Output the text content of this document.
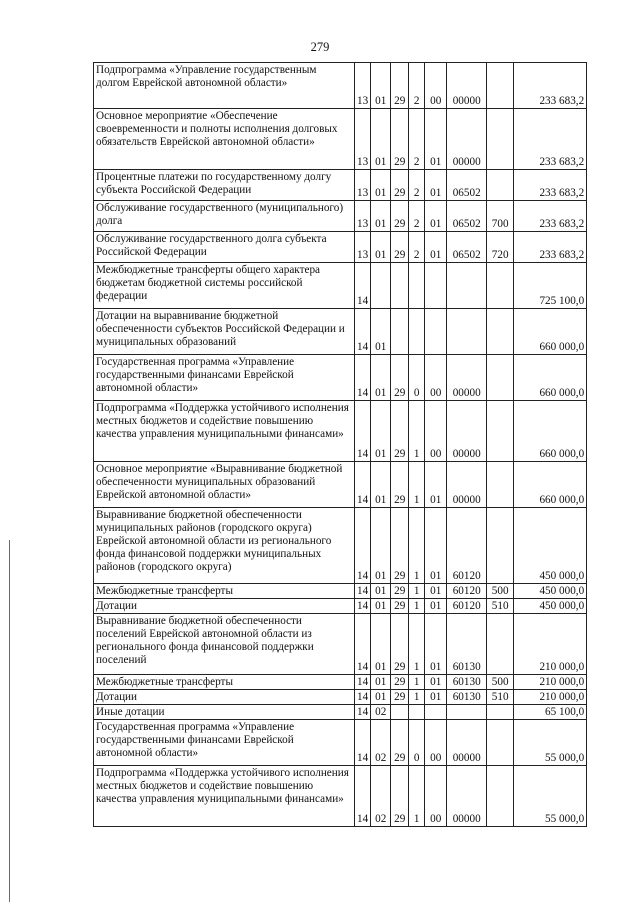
279
Подпрограмма «Управление государственным долгом Еврейской автономной области»	13	01	29	2	00	00000		233 683,2
Основное мероприятие «Обеспечение своевременности и полноты исполнения долговых обязательств Еврейской автономной области»	13	01	29	2	01	00000		233 683,2
Процентные платежи по государственному долгу субъекта Российской Федерации	13	01	29	2	01	06502		233 683,2
Обслуживание государственного (муниципального) долга	13	01	29	2	01	06502	700	233 683,2
Обслуживание государственного долга субъекта Российской Федерации	13	01	29	2	01	06502	720	233 683,2
Межбюджетные трансферты общего характера бюджетам бюджетной системы российской федерации	14							725 100,0
Дотации на выравнивание бюджетной обеспеченности субъектов Российской Федерации и муниципальных образований	14	01						660 000,0
Государственная программа «Управление государственными финансами Еврейской автономной области»	14	01	29	0	00	00000		660 000,0
Подпрограмма «Поддержка устойчивого исполнения местных бюджетов и содействие повышению качества управления муниципальными финансами»	14	01	29	1	00	00000		660 000,0
Основное мероприятие «Выравнивание бюджетной обеспеченности муниципальных образований Еврейской автономной области»	14	01	29	1	01	00000		660 000,0
Выравнивание бюджетной обеспеченности муниципальных районов (городского округа) Еврейской автономной области из регионального фонда финансовой поддержки муниципальных районов (городского округа)	14	01	29	1	01	60120		450 000,0
Межбюджетные трансферты	14	01	29	1	01	60120	500	450 000,0
Дотации	14	01	29	1	01	60120	510	450 000,0
Выравнивание бюджетной обеспеченности поселений Еврейской автономной области из регионального фонда финансовой поддержки поселений	14	01	29	1	01	60130		210 000,0
Межбюджетные трансферты	14	01	29	1	01	60130	500	210 000,0
Дотации	14	01	29	1	01	60130	510	210 000,0
Иные дотации	14	02						65 100,0
Государственная программа «Управление государственными финансами Еврейской автономной области»	14	02	29	0	00	00000		55 000,0
Подпрограмма «Поддержка устойчивого исполнения местных бюджетов и содействие повышению качества управления муниципальными финансами»	14	02	29	1	00	00000		55 000,0
